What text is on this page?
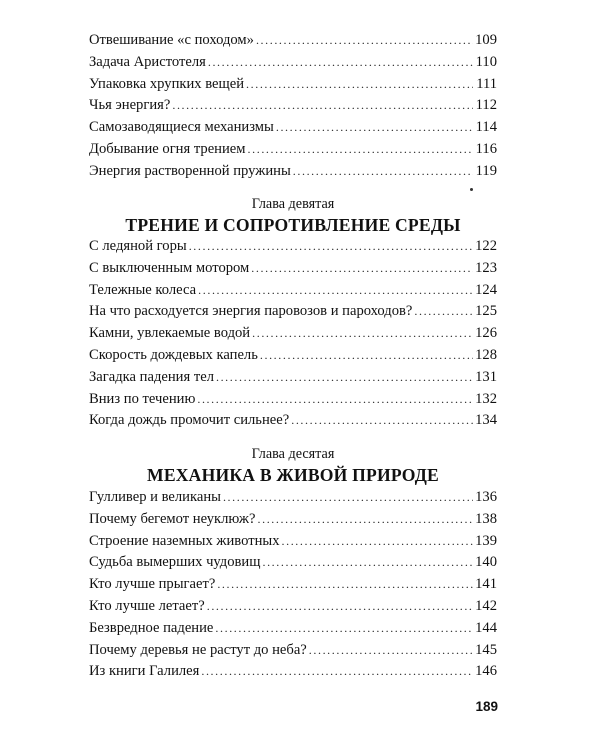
Отвешивание «с походом» .....	109
Задача Аристотеля .....	110
Упаковка хрупких вещей .....	111
Чья энергия? .....	112
Самозаводящиеся механизмы .....	114
Добывание огня трением .....	116
Энергия растворенной пружины .....	119
Глава девятая
ТРЕНИЕ И СОПРОТИВЛЕНИЕ СРЕДЫ
С ледяной горы .....	122
С выключенным мотором .....	123
Тележные колеса .....	124
На что расходуется энергия паровозов и пароходов? .....	125
Камни, увлекаемые водой .....	126
Скорость дождевых капель .....	128
Загадка падения тел .....	131
Вниз по течению .....	132
Когда дождь промочит сильнее? .....	134
Глава десятая
МЕХАНИКА В ЖИВОЙ ПРИРОДЕ
Гулливер и великаны .....	136
Почему бегемот неуклюж? .....	138
Строение наземных животных .....	139
Судьба вымерших чудовищ .....	140
Кто лучше прыгает? .....	141
Кто лучше летает? .....	142
Безвредное падение .....	144
Почему деревья не растут до неба? .....	145
Из книги Галилея .....	146
189
